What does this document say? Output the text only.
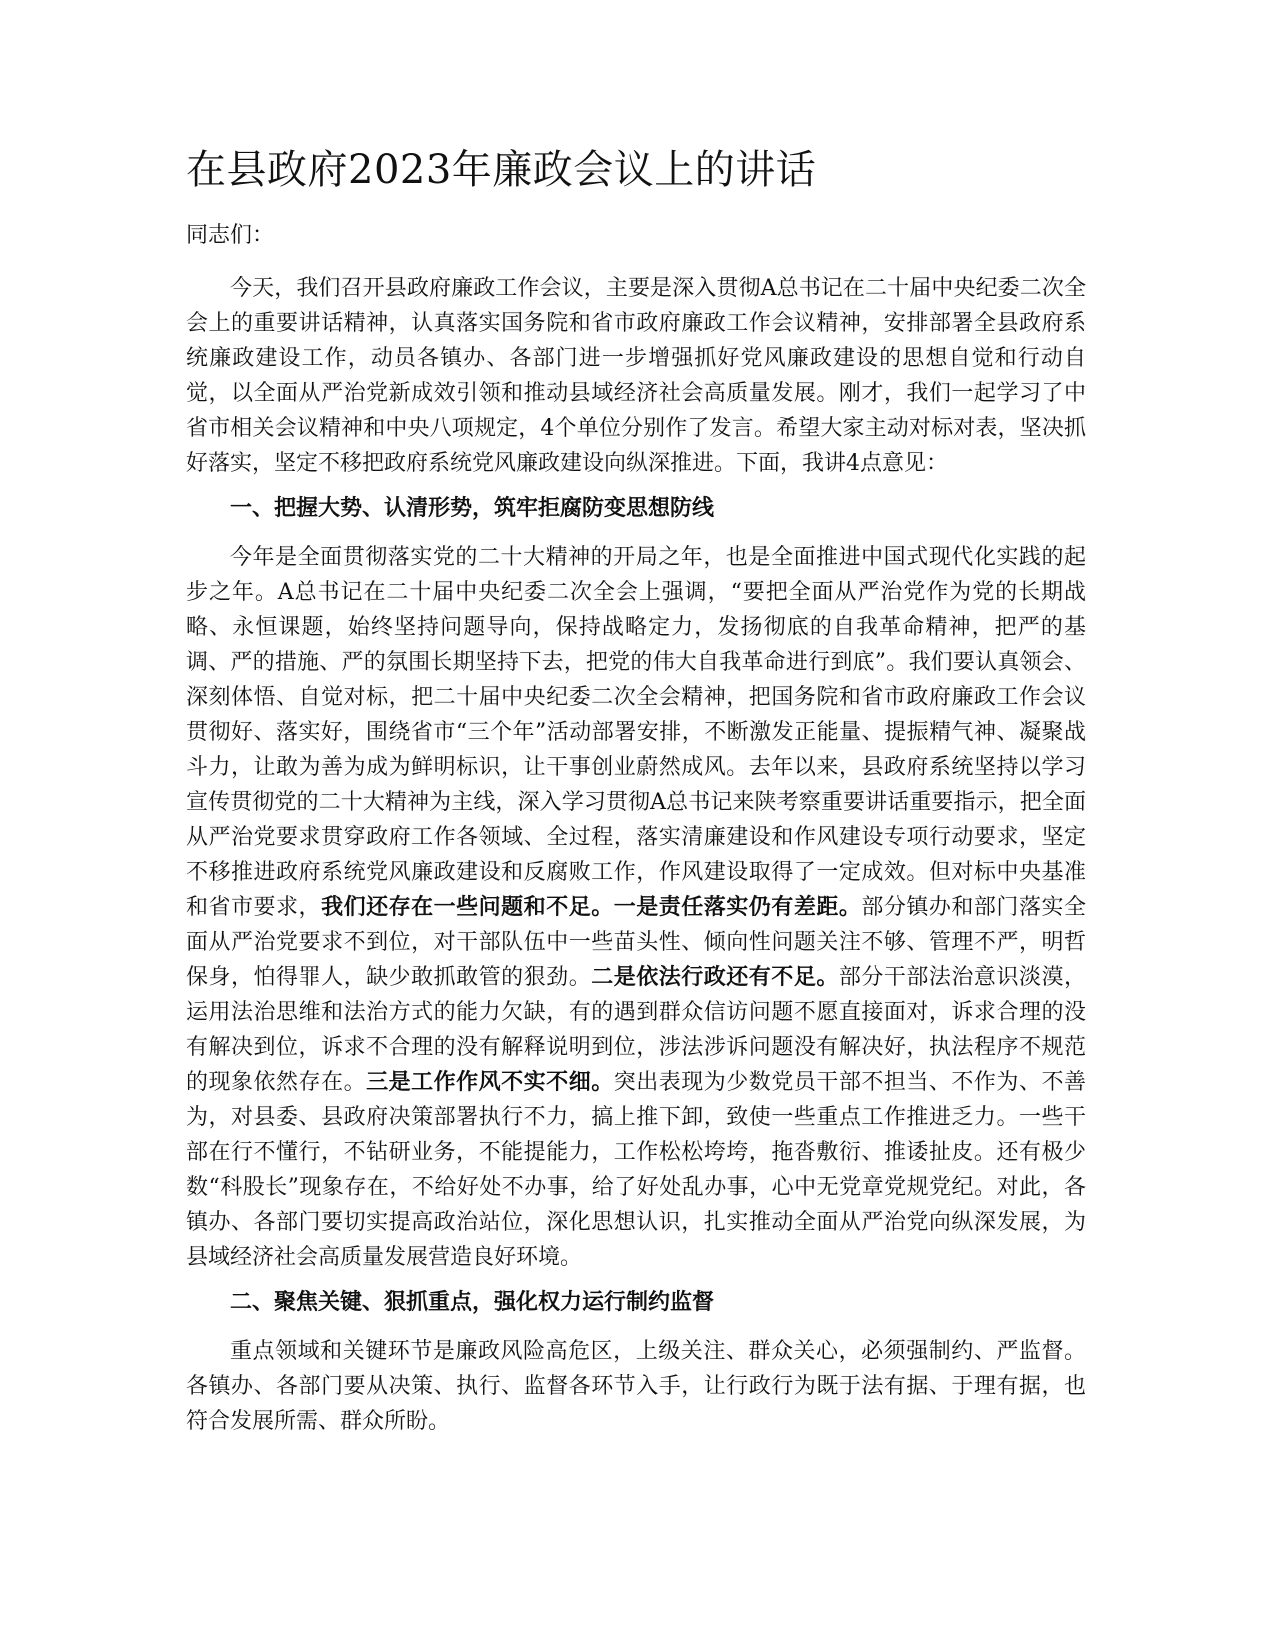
在县政府2023年廉政会议上的讲话

同志们：

今天，我们召开县政府廉政工作会议，主要是深入贯彻A总书记在二十届中央纪委二次全会上的重要讲话精神，认真落实国务院和省市政府廉政工作会议精神，安排部署全县政府系统廉政建设工作，动员各镇办、各部门进一步增强抓好党风廉政建设的思想自觉和行动自觉，以全面从严治党新成效引领和推动县域经济社会高质量发展。刚才，我们一起学习了中省市相关会议精神和中央八项规定，4个单位分别作了发言。希望大家主动对标对表，坚决抓好落实，坚定不移把政府系统党风廉政建设向纵深推进。下面，我讲4点意见：

一、把握大势、认清形势，筑牢拒腐防变思想防线

今年是全面贯彻落实党的二十大精神的开局之年，也是全面推进中国式现代化实践的起步之年。A总书记在二十届中央纪委二次全会上强调，“要把全面从严治党作为党的长期战略、永恒课题，始终坚持问题导向，保持战略定力，发扬彻底的自我革命精神，把严的基调、严的措施、严的氛围长期坚持下去，把党的伟大自我革命进行到底”。我们要认真领会、深刻体悟、自觉对标，把二十届中央纪委二次全会精神，把国务院和省市政府廉政工作会议贯彻好、落实好，围绕省市“三个年”活动部署安排，不断激发正能量、提振精气神、凝聚战斗力，让敢为善为成为鲜明标识，让干事创业蔚然成风。去年以来，县政府系统坚持以学习宣传贯彻党的二十大精神为主线，深入学习贯彻A总书记来陕考察重要讲话重要指示，把全面从严治党要求贯穿政府工作各领域、全过程，落实清廉建设和作风建设专项行动要求，坚定不移推进政府系统党风廉政建设和反腐败工作，作风建设取得了一定成效。但对标中央基准和省市要求，我们还存在一些问题和不足。一是责任落实仍有差距。部分镇办和部门落实全面从严治党要求不到位，对干部队伍中一些苗头性、倾向性问题关注不够、管理不严，明哲保身，怕得罪人，缺少敢抓敢管的狠劲。二是依法行政还有不足。部分干部法治意识淡漠，运用法治思维和法治方式的能力欠缺，有的遇到群众信访问题不愿直接面对，诉求合理的没有解决到位，诉求不合理的没有解释说明到位，涉法涉诉问题没有解决好，执法程序不规范的现象依然存在。三是工作作风不实不细。突出表现为少数党员干部不担当、不作为、不善为，对县委、县政府决策部署执行不力，搞上推下卸，致使一些重点工作推进乏力。一些干部在行不懂行，不钻研业务，不能提能力，工作松松垮垮，拖沓敷衍、推诿扯皮。还有极少数“科股长”现象存在，不给好处不办事，给了好处乱办事，心中无党章党规党纪。对此，各镇办、各部门要切实提高政治站位，深化思想认识，扎实推动全面从严治党向纵深发展，为县域经济社会高质量发展营造良好环境。

二、聚焦关键、狠抓重点，强化权力运行制约监督

重点领域和关键环节是廉政风险高危区，上级关注、群众关心，必须强制约、严监督。各镇办、各部门要从决策、执行、监督各环节入手，让行政行为既于法有据、于理有据，也符合发展所需、群众所盼。
